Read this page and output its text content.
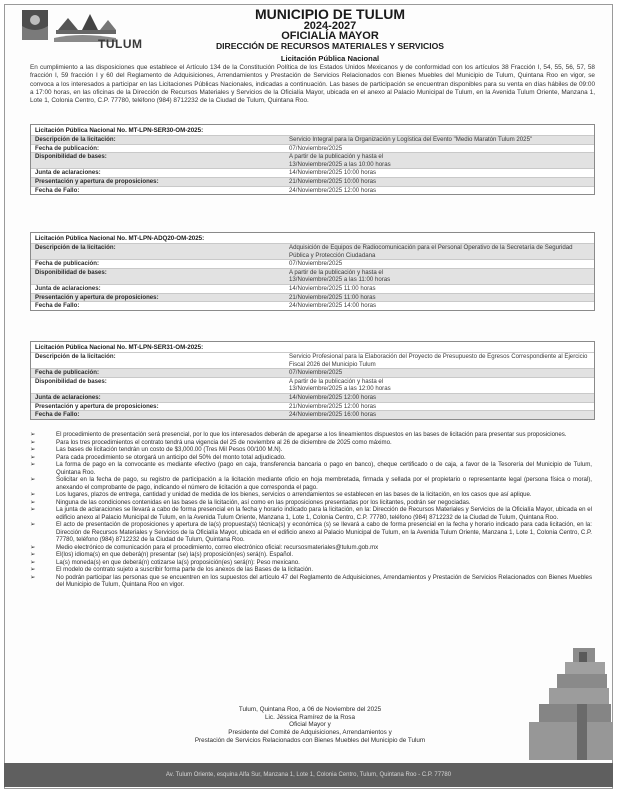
TULUM
MUNICIPIO DE TULUM
2024-2027
OFICIALÍA MAYOR
DIRECCIÓN DE RECURSOS MATERIALES Y SERVICIOS
Licitación Pública Nacional
En cumplimiento a las disposiciones que establece el Artículo 134 de la Constitución Política de los Estados Unidos Mexicanos y de conformidad con los artículos 38 Fracción I, 54, 55, 56, 57, 58 fracción I, 59 fracción I y 60 del Reglamento de Adquisiciones, Arrendamientos y Prestación de Servicios Relacionados con Bienes Muebles del Municipio de Tulum, Quintana Roo en vigor, se convoca a los interesados a participar en las Licitaciones Públicas Nacionales, indicadas a continuación. Las bases de participación se encuentran disponibles para su venta en días hábiles de 09:00 a 17:00 horas, en las oficinas de la Dirección de Recursos Materiales y Servicios de la Oficialía Mayor, ubicada en el anexo al Palacio Municipal de Tulum, en la Avenida Tulum Oriente, Manzana 1, Lote 1, Colonia Centro, C.P. 77780, teléfono (984) 8712232 de la Ciudad de Tulum, Quintana Roo.
Licitación Pública Nacional No. MT-LPN-SER30-OM-2025:
Descripción de la licitación:	Servicio Integral para la Organización y Logística del Evento "Medio Maratón Tulum 2025"
Fecha de publicación:	07/Noviembre/2025
Disponibilidad de bases:	A partir de la publicación y hasta el
13/Noviembre/2025 a las 10:00 horas
Junta de aclaraciones:	14/Noviembre/2025 10:00 horas
Presentación y apertura de proposiciones:	21/Noviembre/2025 10:00 horas
Fecha de Fallo:	24/Noviembre/2025 12:00 horas
Licitación Pública Nacional No. MT-LPN-ADQ20-OM-2025:
Descripción de la licitación:	Adquisición de Equipos de Radiocomunicación para el Personal Operativo de la Secretaría de Seguridad Pública y Protección Ciudadana
Fecha de publicación:	07/Noviembre/2025
Disponibilidad de bases:	A partir de la publicación y hasta el
13/Noviembre/2025 a las 11:00 horas
Junta de aclaraciones:	14/Noviembre/2025 11:00 horas
Presentación y apertura de proposiciones:	21/Noviembre/2025 11:00 horas
Fecha de Fallo:	24/Noviembre/2025 14:00 horas
Licitación Pública Nacional No. MT-LPN-SER31-OM-2025:
Descripción de la licitación:	Servicio Profesional para la Elaboración del Proyecto de Presupuesto de Egresos Correspondiente al Ejercicio Fiscal 2026 del Municipio Tulum
Fecha de publicación:	07/Noviembre/2025
Disponibilidad de bases:	A partir de la publicación y hasta el
13/Noviembre/2025 a las 12:00 horas
Junta de aclaraciones:	14/Noviembre/2025 12:00 horas
Presentación y apertura de proposiciones:	21/Noviembre/2025 12:00 horas
Fecha de Fallo:	24/Noviembre/2025 16:00 horas
➢	El procedimiento de presentación será presencial, por lo que los interesados deberán de apegarse a los lineamientos dispuestos en las bases de licitación para presentar sus proposiciones.
➢	Para los tres procedimientos el contrato tendrá una vigencia del 25 de noviembre al 26 de diciembre de 2025 como máximo.
➢	Las bases de licitación tendrán un costo de $3,000.00 (Tres Mil Pesos 00/100 M.N).
➢	Para cada procedimiento se otorgará un anticipo del 50% del monto total adjudicado.
➢	La forma de pago en la convocante es mediante efectivo (pago en caja, transferencia bancaria o pago en banco), cheque certificado o de caja, a favor de la Tesorería del Municipio de Tulum, Quintana Roo.
➢	Solicitar en la fecha de pago, su registro de participación a la licitación mediante oficio en hoja membretada, firmada y sellada por el propietario o representante legal (persona física o moral), anexando el comprobante de pago, indicando el número de licitación a que corresponda el pago.
➢	Los lugares, plazos de entrega, cantidad y unidad de medida de los bienes, servicios o arrendamientos se establecen en las bases de la licitación, en los casos que así aplique.
➢	Ninguna de las condiciones contenidas en las bases de la licitación, así como en las proposiciones presentadas por los licitantes, podrán ser negociadas.
➢	La junta de aclaraciones se llevará a cabo de forma presencial en la fecha y horario indicado para la licitación, en la: Dirección de Recursos Materiales y Servicios de la Oficialía Mayor, ubicada en el edificio anexo al Palacio Municipal de Tulum, en la Avenida Tulum Oriente, Manzana 1, Lote 1, Colonia Centro, C.P. 77780, teléfono (984) 8712232 de la Ciudad de Tulum, Quintana Roo.
➢	El acto de presentación de proposiciones y apertura de la(s) propuesta(s) técnica(s) y económica (s) se llevará a cabo de forma presencial en la fecha y horario indicado para cada licitación, en la: Dirección de Recursos Materiales y Servicios de la Oficialía Mayor, ubicada en el edificio anexo al Palacio Municipal de Tulum, en la Avenida Tulum Oriente, Manzana 1, Lote 1, Colonia Centro, C.P. 77780, teléfono (984) 8712232 de la Ciudad de Tulum, Quintana Roo.
➢	Medio electrónico de comunicación para el procedimiento, correo electrónico oficial: recursosmateriales@tulum.gob.mx
➢	El(los) idioma(s) en que deberá(n) presentar (se) la(s) proposición(es) será(n). Español.
➢	La(s) moneda(s) en que deberá(n) cotizarse la(s) proposición(es) será(n): Peso mexicano.
➢	El modelo de contrato sujeto a suscribir forma parte de los anexos de las Bases de la licitación.
➢	No podrán participar las personas que se encuentren en los supuestos del artículo 47 del Reglamento de Adquisiciones, Arrendamientos y Prestación de Servicios Relacionados con Bienes Muebles del Municipio de Tulum, Quintana Roo en vigor.
Tulum, Quintana Roo, a 06 de Noviembre del 2025
Lic. Jéssica Ramírez de la Rosa
Oficial Mayor y
Presidente del Comité de Adquisiciones, Arrendamientos y
Prestación de Servicios Relacionados con Bienes Muebles del Municipio de Tulum
Av. Tulum Oriente, esquina Alfa Sur, Manzana 1, Lote 1, Colonia Centro, Tulum, Quintana Roo - C.P. 77780
